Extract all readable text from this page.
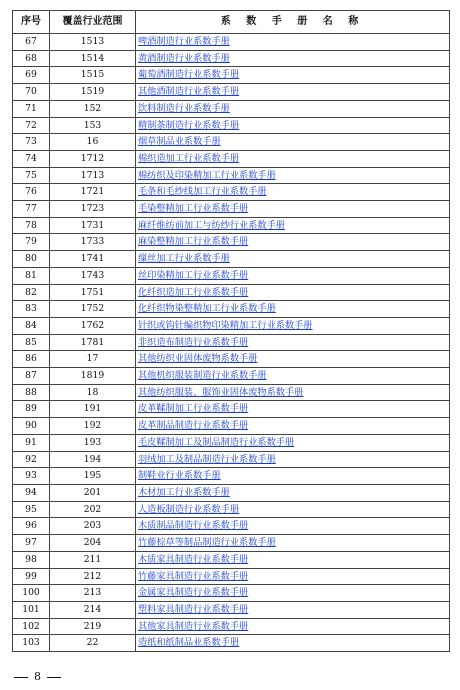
序号	覆盖行业范围	系 数 手 册 名 称
67	1513	啤酒制造行业系数手册
68	1514	黄酒制造行业系数手册
69	1515	葡萄酒制造行业系数手册
70	1519	其他酒制造行业系数手册
71	152	饮料制造行业系数手册
72	153	精制茶制造行业系数手册
73	16	烟草制品业系数手册
74	1712	棉织造加工行业系数手册
75	1713	棉纺织及印染精加工行业系数手册
76	1721	毛条和毛纱线加工行业系数手册
77	1723	毛染整精加工行业系数手册
78	1731	麻纤维纺前加工与纺纱行业系数手册
79	1733	麻染整精加工行业系数手册
80	1741	缫丝加工行业系数手册
81	1743	丝印染精加工行业系数手册
82	1751	化纤织造加工行业系数手册
83	1752	化纤织物染整精加工行业系数手册
84	1762	针织或钩针编织物印染精加工行业系数手册
85	1781	非织造布制造行业系数手册
86	17	其他纺织业固体废物系数手册
87	1819	其他机织服装制造行业系数手册
88	18	其他纺织服装、服饰业固体废物系数手册
89	191	皮革鞣制加工行业系数手册
90	192	皮革制品制造行业系数手册
91	193	毛皮鞣制加工及制品制造行业系数手册
92	194	羽绒加工及制品制造行业系数手册
93	195	制鞋业行业系数手册
94	201	木材加工行业系数手册
95	202	人造板制造行业系数手册
96	203	木质制品制造行业系数手册
97	204	竹藤棕草等制品制造行业系数手册
98	211	木质家具制造行业系数手册
99	212	竹藤家具制造行业系数手册
100	213	金属家具制造行业系数手册
101	214	塑料家具制造行业系数手册
102	219	其他家具制造行业系数手册
103	22	造纸和纸制品业系数手册
8
